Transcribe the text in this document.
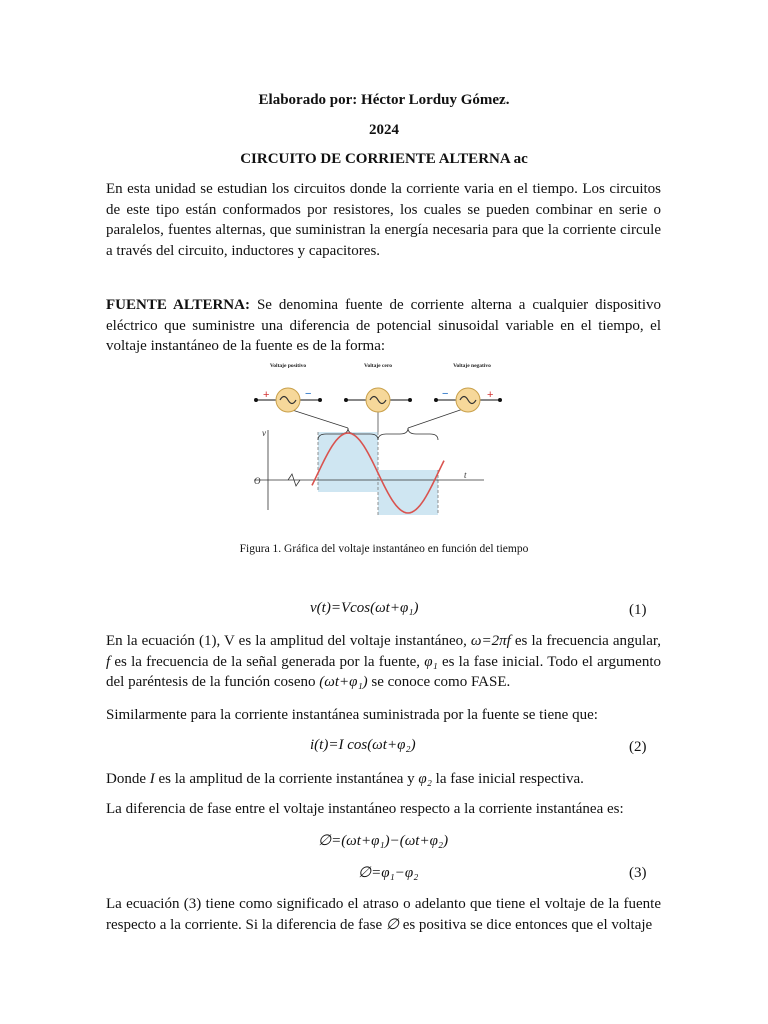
Elaborado por: Héctor Lorduy Gómez.
2024
CIRCUITO DE CORRIENTE ALTERNA ac
En esta unidad se estudian los circuitos donde la corriente varia en el tiempo. Los circuitos de este tipo están conformados por resistores, los cuales se pueden combinar en serie o paralelos, fuentes alternas, que suministran la energía necesaria para que la corriente circule a través del circuito, inductores y capacitores.
FUENTE ALTERNA: Se denomina fuente de corriente alterna a cualquier dispositivo eléctrico que suministre una diferencia de potencial sinusoidal variable en el tiempo, el voltaje instantáneo de la fuente es de la forma:
v
O
t
+	−
Voltaje positivo	Voltaje cero
−	+
Voltaje negativo
Figura 1. Gráfica del voltaje instantáneo en función del tiempo
v(t)=Vcos(ωt+φ₁)	(1)
En la ecuación (1), V es la amplitud del voltaje instantáneo, ω=2πf es la frecuencia angular, f es la frecuencia de la señal generada por la fuente, φ₁ es la fase inicial. Todo el argumento del paréntesis de la función coseno (ωt+φ₁) se conoce como FASE.
Similarmente para la corriente instantánea suministrada por la fuente se tiene que:
i(t)=I cos(ωt+φ₂)	(2)
Donde I es la amplitud de la corriente instantánea y φ₂ la fase inicial respectiva.
La diferencia de fase entre el voltaje instantáneo respecto a la corriente instantánea es:
∅=(ωt+φ₁)−(ωt+φ₂)
∅=φ₁−φ₂	(3)
La ecuación (3) tiene como significado el atraso o adelanto que tiene el voltaje de la fuente respecto a la corriente. Si la diferencia de fase ∅ es positiva se dice entonces que el voltaje
